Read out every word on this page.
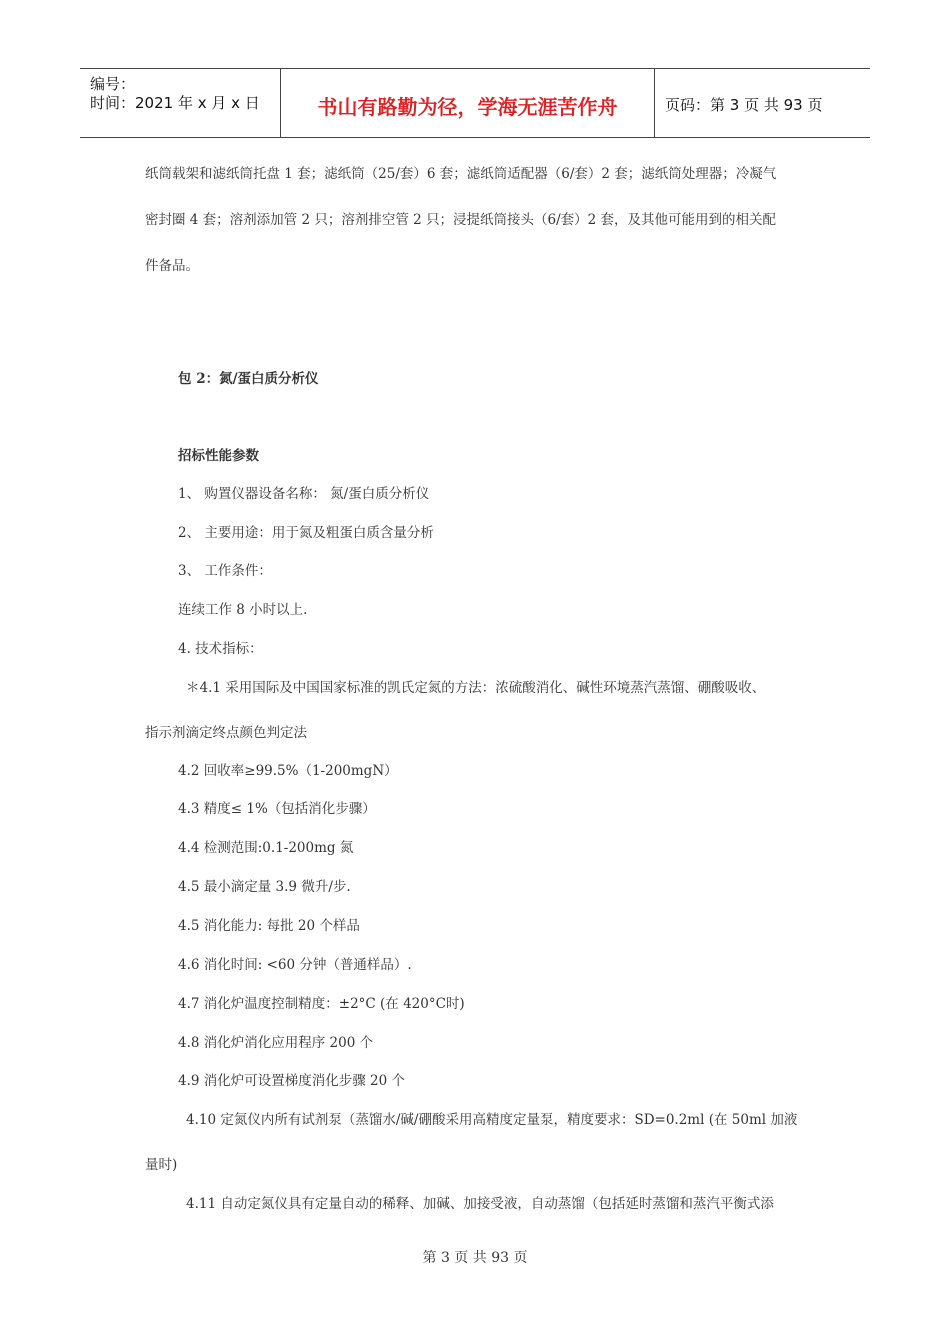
编号：
时间：2021 年 x 月 x 日	书山有路勤为径，学海无涯苦作舟	页码：第 3 页 共 93 页
纸筒载架和滤纸筒托盘 1 套；滤纸筒（25/套）6 套；滤纸筒适配器（6/套）2 套；滤纸筒处理器；冷凝气
密封圈 4 套；溶剂添加管 2 只；溶剂排空管 2 只；浸提纸筒接头（6/套）2 套，及其他可能用到的相关配
件备品。
包 2：氮/蛋白质分析仪
招标性能参数
1、 购置仪器设备名称： 氮/蛋白质分析仪
2、 主要用途：用于氮及粗蛋白质含量分析
3、 工作条件：
连续工作 8 小时以上.
4. 技术指标：
＊4.1 采用国际及中国国家标准的凯氏定氮的方法：浓硫酸消化、碱性环境蒸汽蒸馏、硼酸吸收、
指示剂滴定终点颜色判定法
4.2 回收率≥99.5%（1-200mgN）
4.3 精度≤ 1%（包括消化步骤）
4.4 检测范围:0.1-200mg 氮
4.5 最小滴定量 3.9 微升/步.
4.5 消化能力: 每批 20 个样品
4.6 消化时间: <60 分钟（普通样品）.
4.7 消化炉温度控制精度：±2°C (在 420°C时)
4.8 消化炉消化应用程序 200 个
4.9 消化炉可设置梯度消化步骤 20 个
4.10 定氮仪内所有试剂泵（蒸馏水/碱/硼酸采用高精度定量泵，精度要求：SD=0.2ml (在 50ml 加液
量时)
4.11 自动定氮仪具有定量自动的稀释、加碱、加接受液，自动蒸馏（包括延时蒸馏和蒸汽平衡式添
第 3 页 共 93 页
